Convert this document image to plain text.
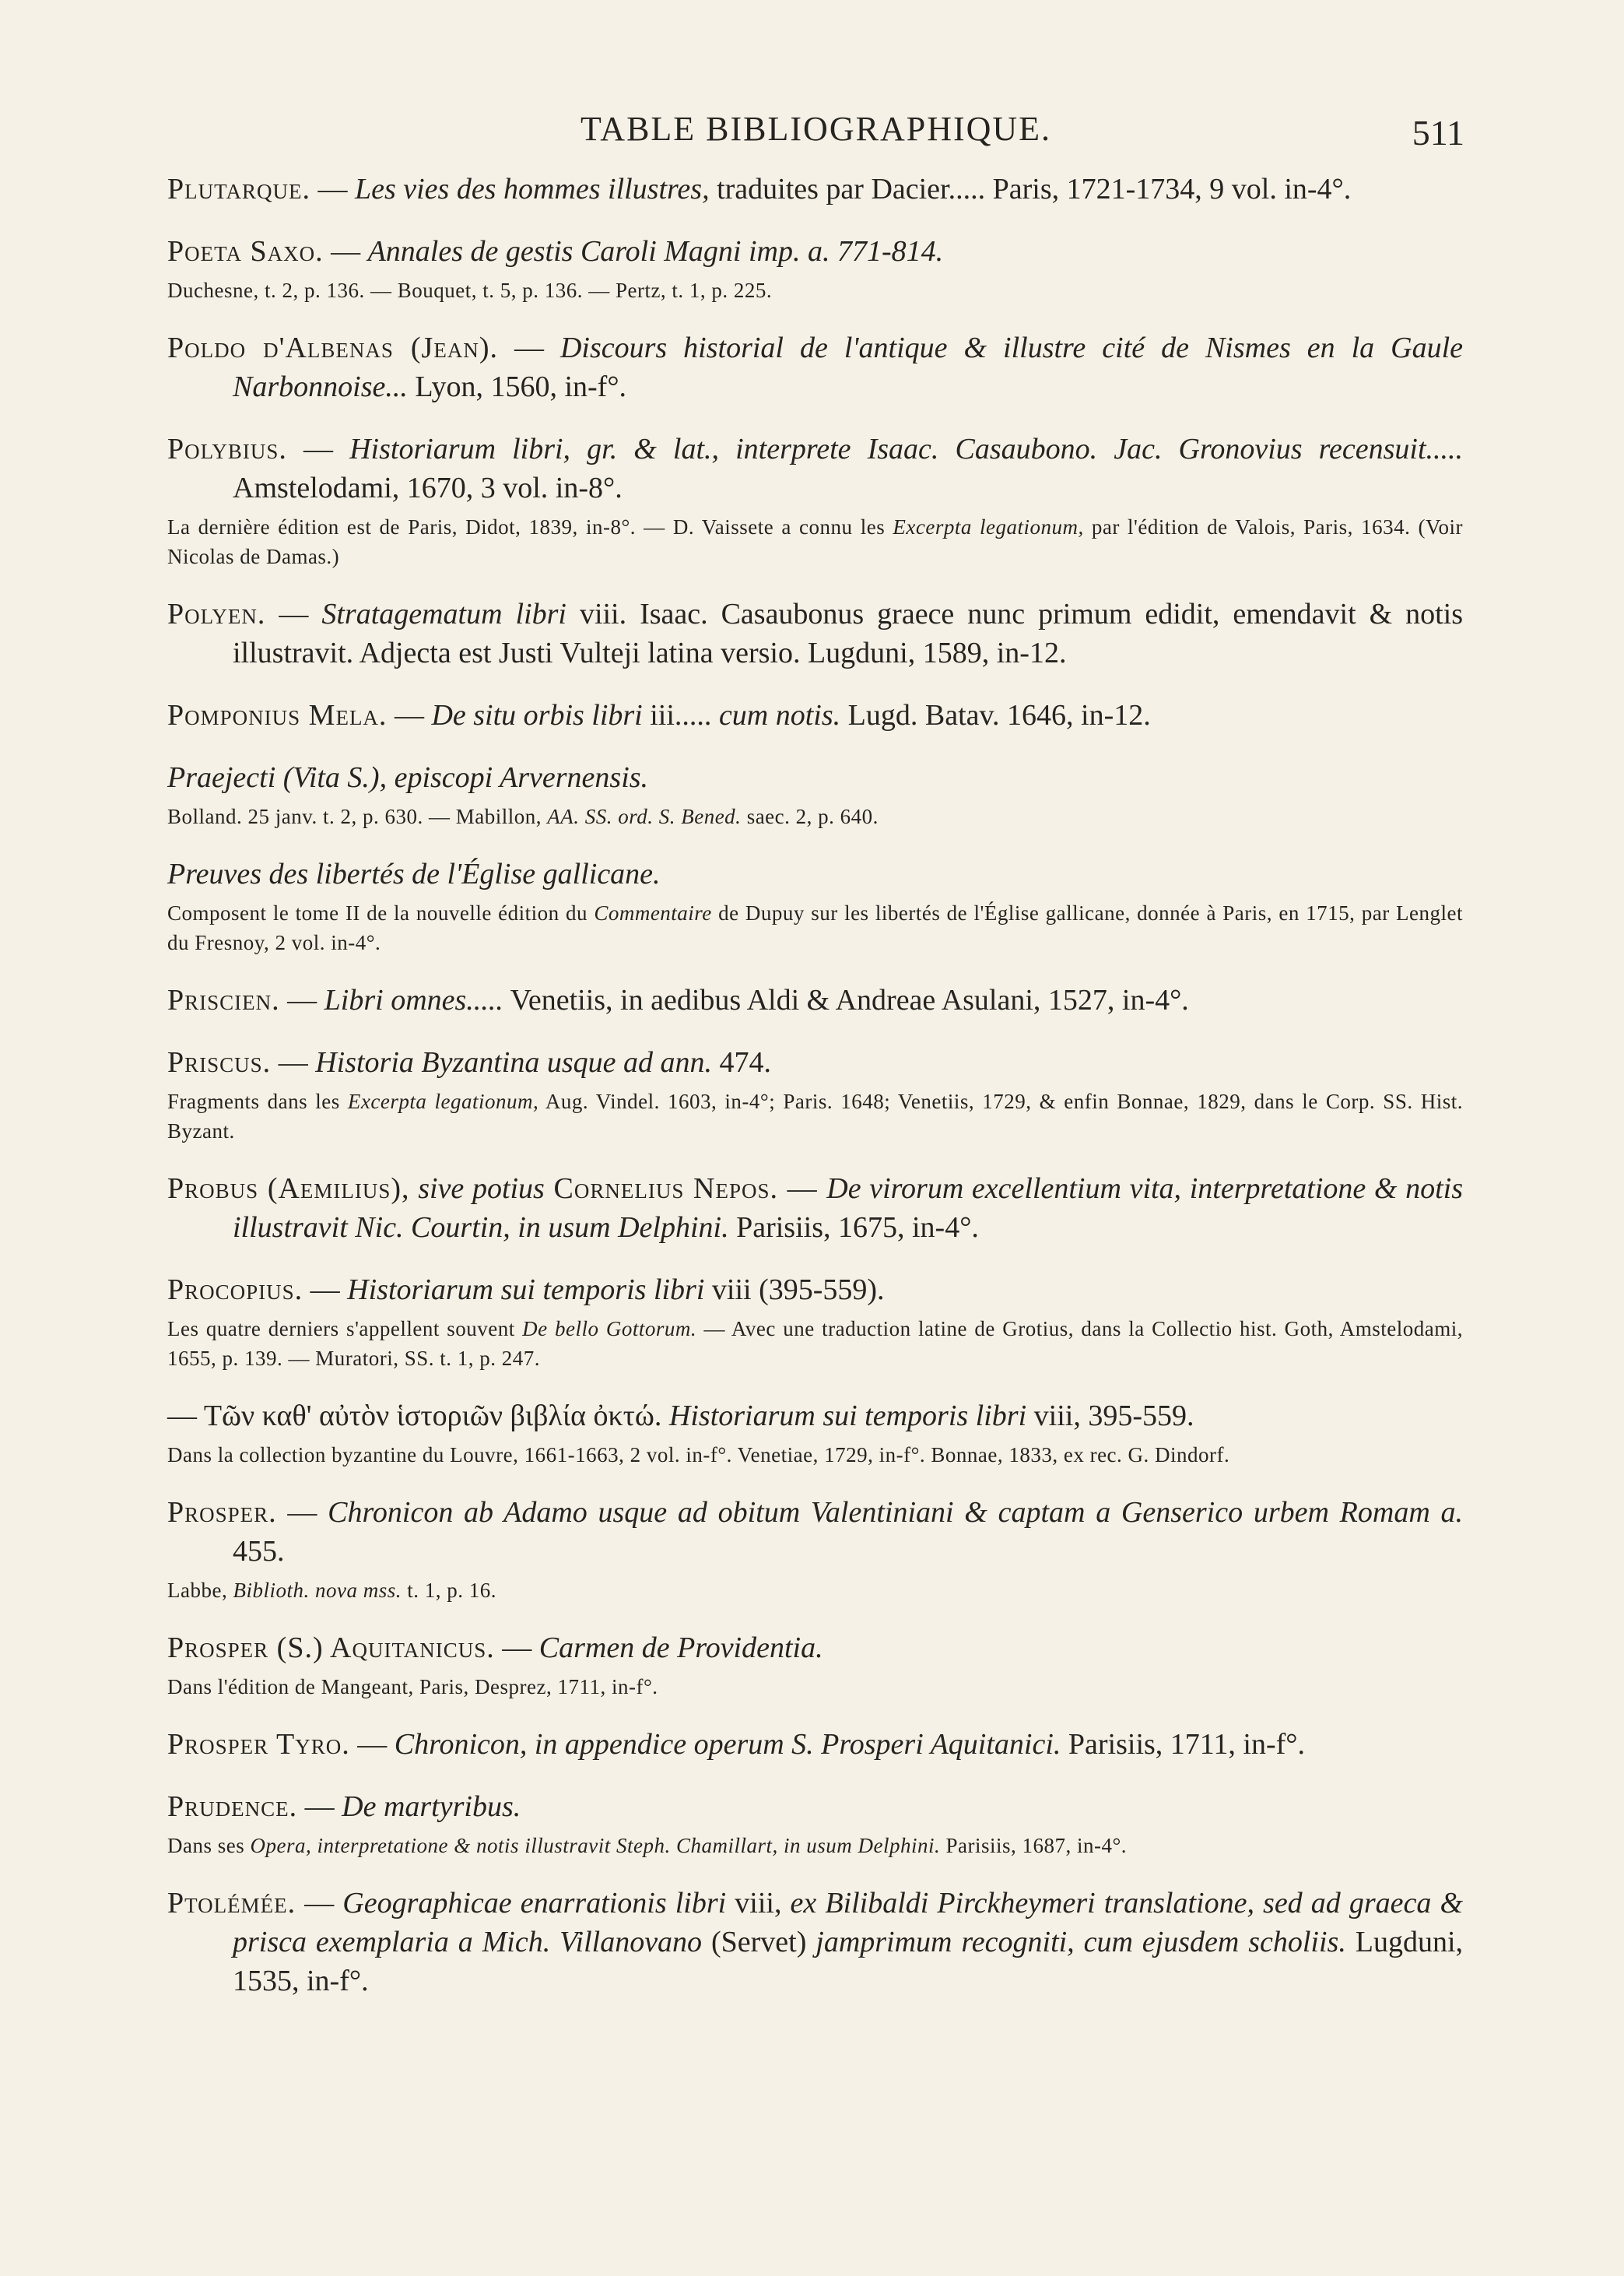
TABLE BIBLIOGRAPHIQUE.	511
Plutarque. — Les vies des hommes illustres, traduites par Dacier..... Paris, 1721-1734, 9 vol. in-4°.
Poeta Saxo. — Annales de gestis Caroli Magni imp. a. 771-814.
Duchesne, t. 2, p. 136. — Bouquet, t. 5, p. 136. — Pertz, t. 1, p. 225.
Poldo d'Albenas (Jean). — Discours historial de l'antique & illustre cité de Nismes en la Gaule Narbonnoise... Lyon, 1560, in-f°.
Polybius. — Historiarum libri, gr. & lat., interprete Isaac. Casaubono. Jac. Gronovius recensuit..... Amstelodami, 1670, 3 vol. in-8°.
La dernière édition est de Paris, Didot, 1839, in-8°. — D. Vaissete a connu les Excerpta legationum, par l'édition de Valois, Paris, 1634. (Voir Nicolas de Damas.)
Polyen. — Stratagematum libri viii. Isaac. Casaubonus graece nunc primum edidit, emendavit & notis illustravit. Adjecta est Justi Vulteji latina versio. Lugduni, 1589, in-12.
Pomponius Mela. — De situ orbis libri iii..... cum notis. Lugd. Batav. 1646, in-12.
Praejecti (Vita S.), episcopi Arvernensis.
Bolland. 25 janv. t. 2, p. 630. — Mabillon, AA. SS. ord. S. Bened. saec. 2, p. 640.
Preuves des libertés de l'Église gallicane.
Composent le tome II de la nouvelle édition du Commentaire de Dupuy sur les libertés de l'Église gallicane, donnée à Paris, en 1715, par Lenglet du Fresnoy, 2 vol. in-4°.
Priscien. — Libri omnes..... Venetiis, in aedibus Aldi & Andreae Asulani, 1527, in-4°.
Priscus. — Historia Byzantina usque ad ann. 474.
Fragments dans les Excerpta legationum, Aug. Vindel. 1603, in-4°; Paris. 1648; Venetiis, 1729, & enfin Bonnae, 1829, dans le Corp. SS. Hist. Byzant.
Probus (Aemilius), sive potius Cornelius Nepos. — De virorum excellentium vita, interpretatione & notis illustravit Nic. Courtin, in usum Delphini. Parisiis, 1675, in-4°.
Procopius. — Historiarum sui temporis libri viii (395-559).
Les quatre derniers s'appellent souvent De bello Gottorum. — Avec une traduction latine de Grotius, dans la Collectio hist. Goth, Amstelodami, 1655, p. 139. — Muratori, SS. t. 1, p. 247.
— Τῶν καθ' αὐτὸν ἱστοριῶν βιβλία ὀκτώ. Historiarum sui temporis libri viii, 395-559.
Dans la collection byzantine du Louvre, 1661-1663, 2 vol. in-f°. Venetiae, 1729, in-f°. Bonnae, 1833, ex rec. G. Dindorf.
Prosper. — Chronicon ab Adamo usque ad obitum Valentiniani & captam a Genserico urbem Romam a. 455.
Labbe, Biblioth. nova mss. t. 1, p. 16.
Prosper (S.) Aquitanicus. — Carmen de Providentia.
Dans l'édition de Mangeant, Paris, Desprez, 1711, in-f°.
Prosper Tyro. — Chronicon, in appendice operum S. Prosperi Aquitanici. Parisiis, 1711, in-f°.
Prudence. — De martyribus.
Dans ses Opera, interpretatione & notis illustravit Steph. Chamillart, in usum Delphini. Parisiis, 1687, in-4°.
Ptolémée. — Geographicae enarrationis libri viii, ex Bilibaldi Pirckheymeri translatione, sed ad graeca & prisca exemplaria a Mich. Villanovano (Servet) jamprimum recogniti, cum ejusdem scholiis. Lugduni, 1535, in-f°.
